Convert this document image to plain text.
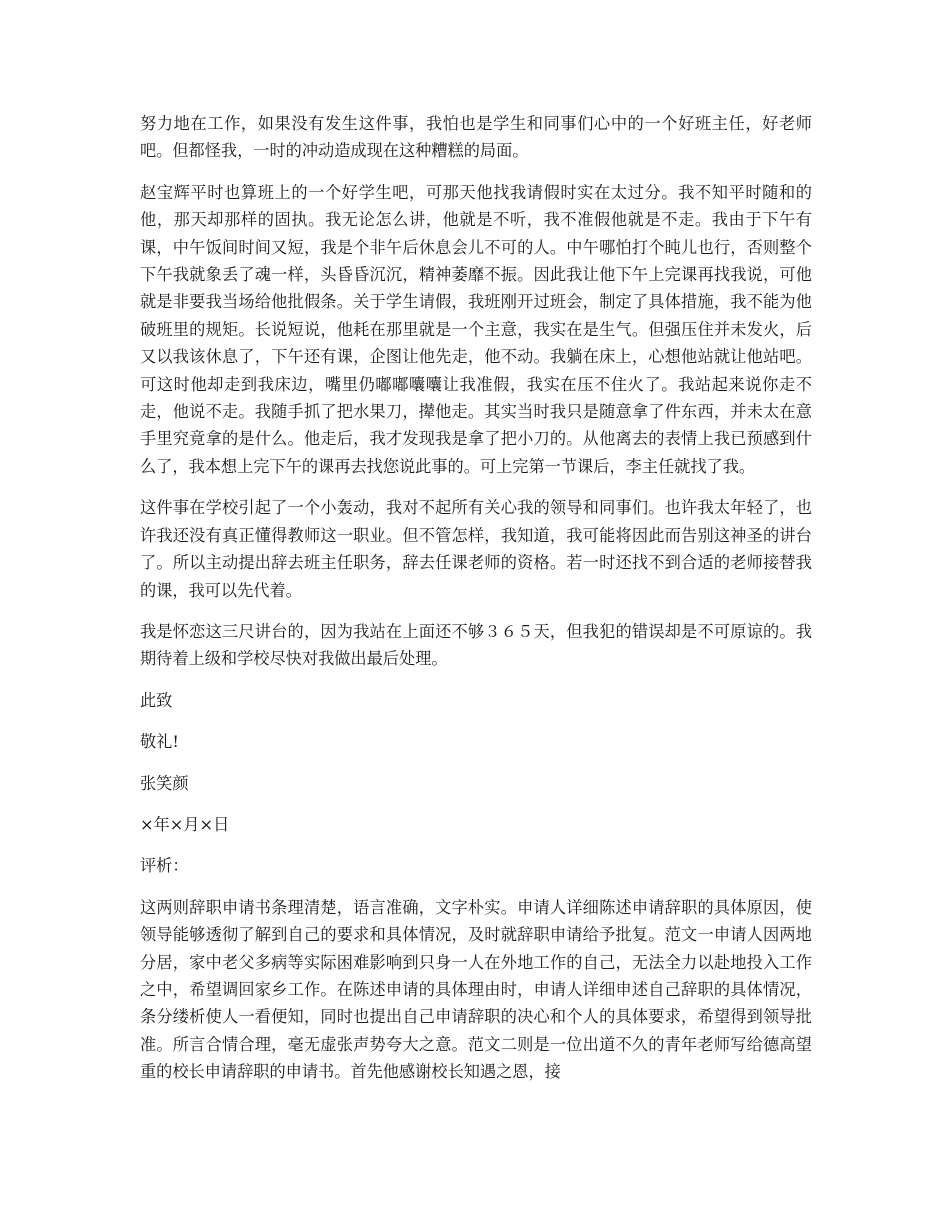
努力地在工作，如果没有发生这件事，我怕也是学生和同事们心中的一个好班主任，好老师吧。但都怪我，一时的冲动造成现在这种糟糕的局面。

赵宝辉平时也算班上的一个好学生吧，可那天他找我请假时实在太过分。我不知平时随和的他，那天却那样的固执。我无论怎么讲，他就是不听，我不准假他就是不走。我由于下午有课，中午饭间时间又短，我是个非午后休息会儿不可的人。中午哪怕打个盹儿也行，否则整个下午我就象丢了魂一样，头昏昏沉沉，精神萎靡不振。因此我让他下午上完课再找我说，可他就是非要我当场给他批假条。关于学生请假，我班刚开过班会，制定了具体措施，我不能为他破班里的规矩。长说短说，他耗在那里就是一个主意，我实在是生气。但强压住并未发火，后又以我该休息了，下午还有课，企图让他先走，他不动。我躺在床上，心想他站就让他站吧。可这时他却走到我床边，嘴里仍嘟嘟囔囔让我准假，我实在压不住火了。我站起来说你走不走，他说不走。我随手抓了把水果刀，撵他走。其实当时我只是随意拿了件东西，并未太在意手里究竟拿的是什么。他走后，我才发现我是拿了把小刀的。从他离去的表情上我已预感到什么了，我本想上完下午的课再去找您说此事的。可上完第一节课后，李主任就找了我。

这件事在学校引起了一个小轰动，我对不起所有关心我的领导和同事们。也许我太年轻了，也许我还没有真正懂得教师这一职业。但不管怎样，我知道，我可能将因此而告别这神圣的讲台了。所以主动提出辞去班主任职务，辞去任课老师的资格。若一时还找不到合适的老师接替我的课，我可以先代着。

我是怀恋这三尺讲台的，因为我站在上面还不够３６５天，但我犯的错误却是不可原谅的。我期待着上级和学校尽快对我做出最后处理。

此致

敬礼!

张笑颜

×年×月×日

评析：

这两则辞职申请书条理清楚，语言准确，文字朴实。申请人详细陈述申请辞职的具体原因，使领导能够透彻了解到自己的要求和具体情况，及时就辞职申请给予批复。范文一申请人因两地分居，家中老父多病等实际困难影响到只身一人在外地工作的自己，无法全力以赴地投入工作之中，希望调回家乡工作。在陈述申请的具体理由时，申请人详细申述自己辞职的具体情况，条分缕析使人一看便知，同时也提出自己申请辞职的决心和个人的具体要求，希望得到领导批准。所言合情合理，毫无虚张声势夸大之意。范文二则是一位出道不久的青年老师写给德高望重的校长申请辞职的申请书。首先他感谢校长知遇之恩，接
